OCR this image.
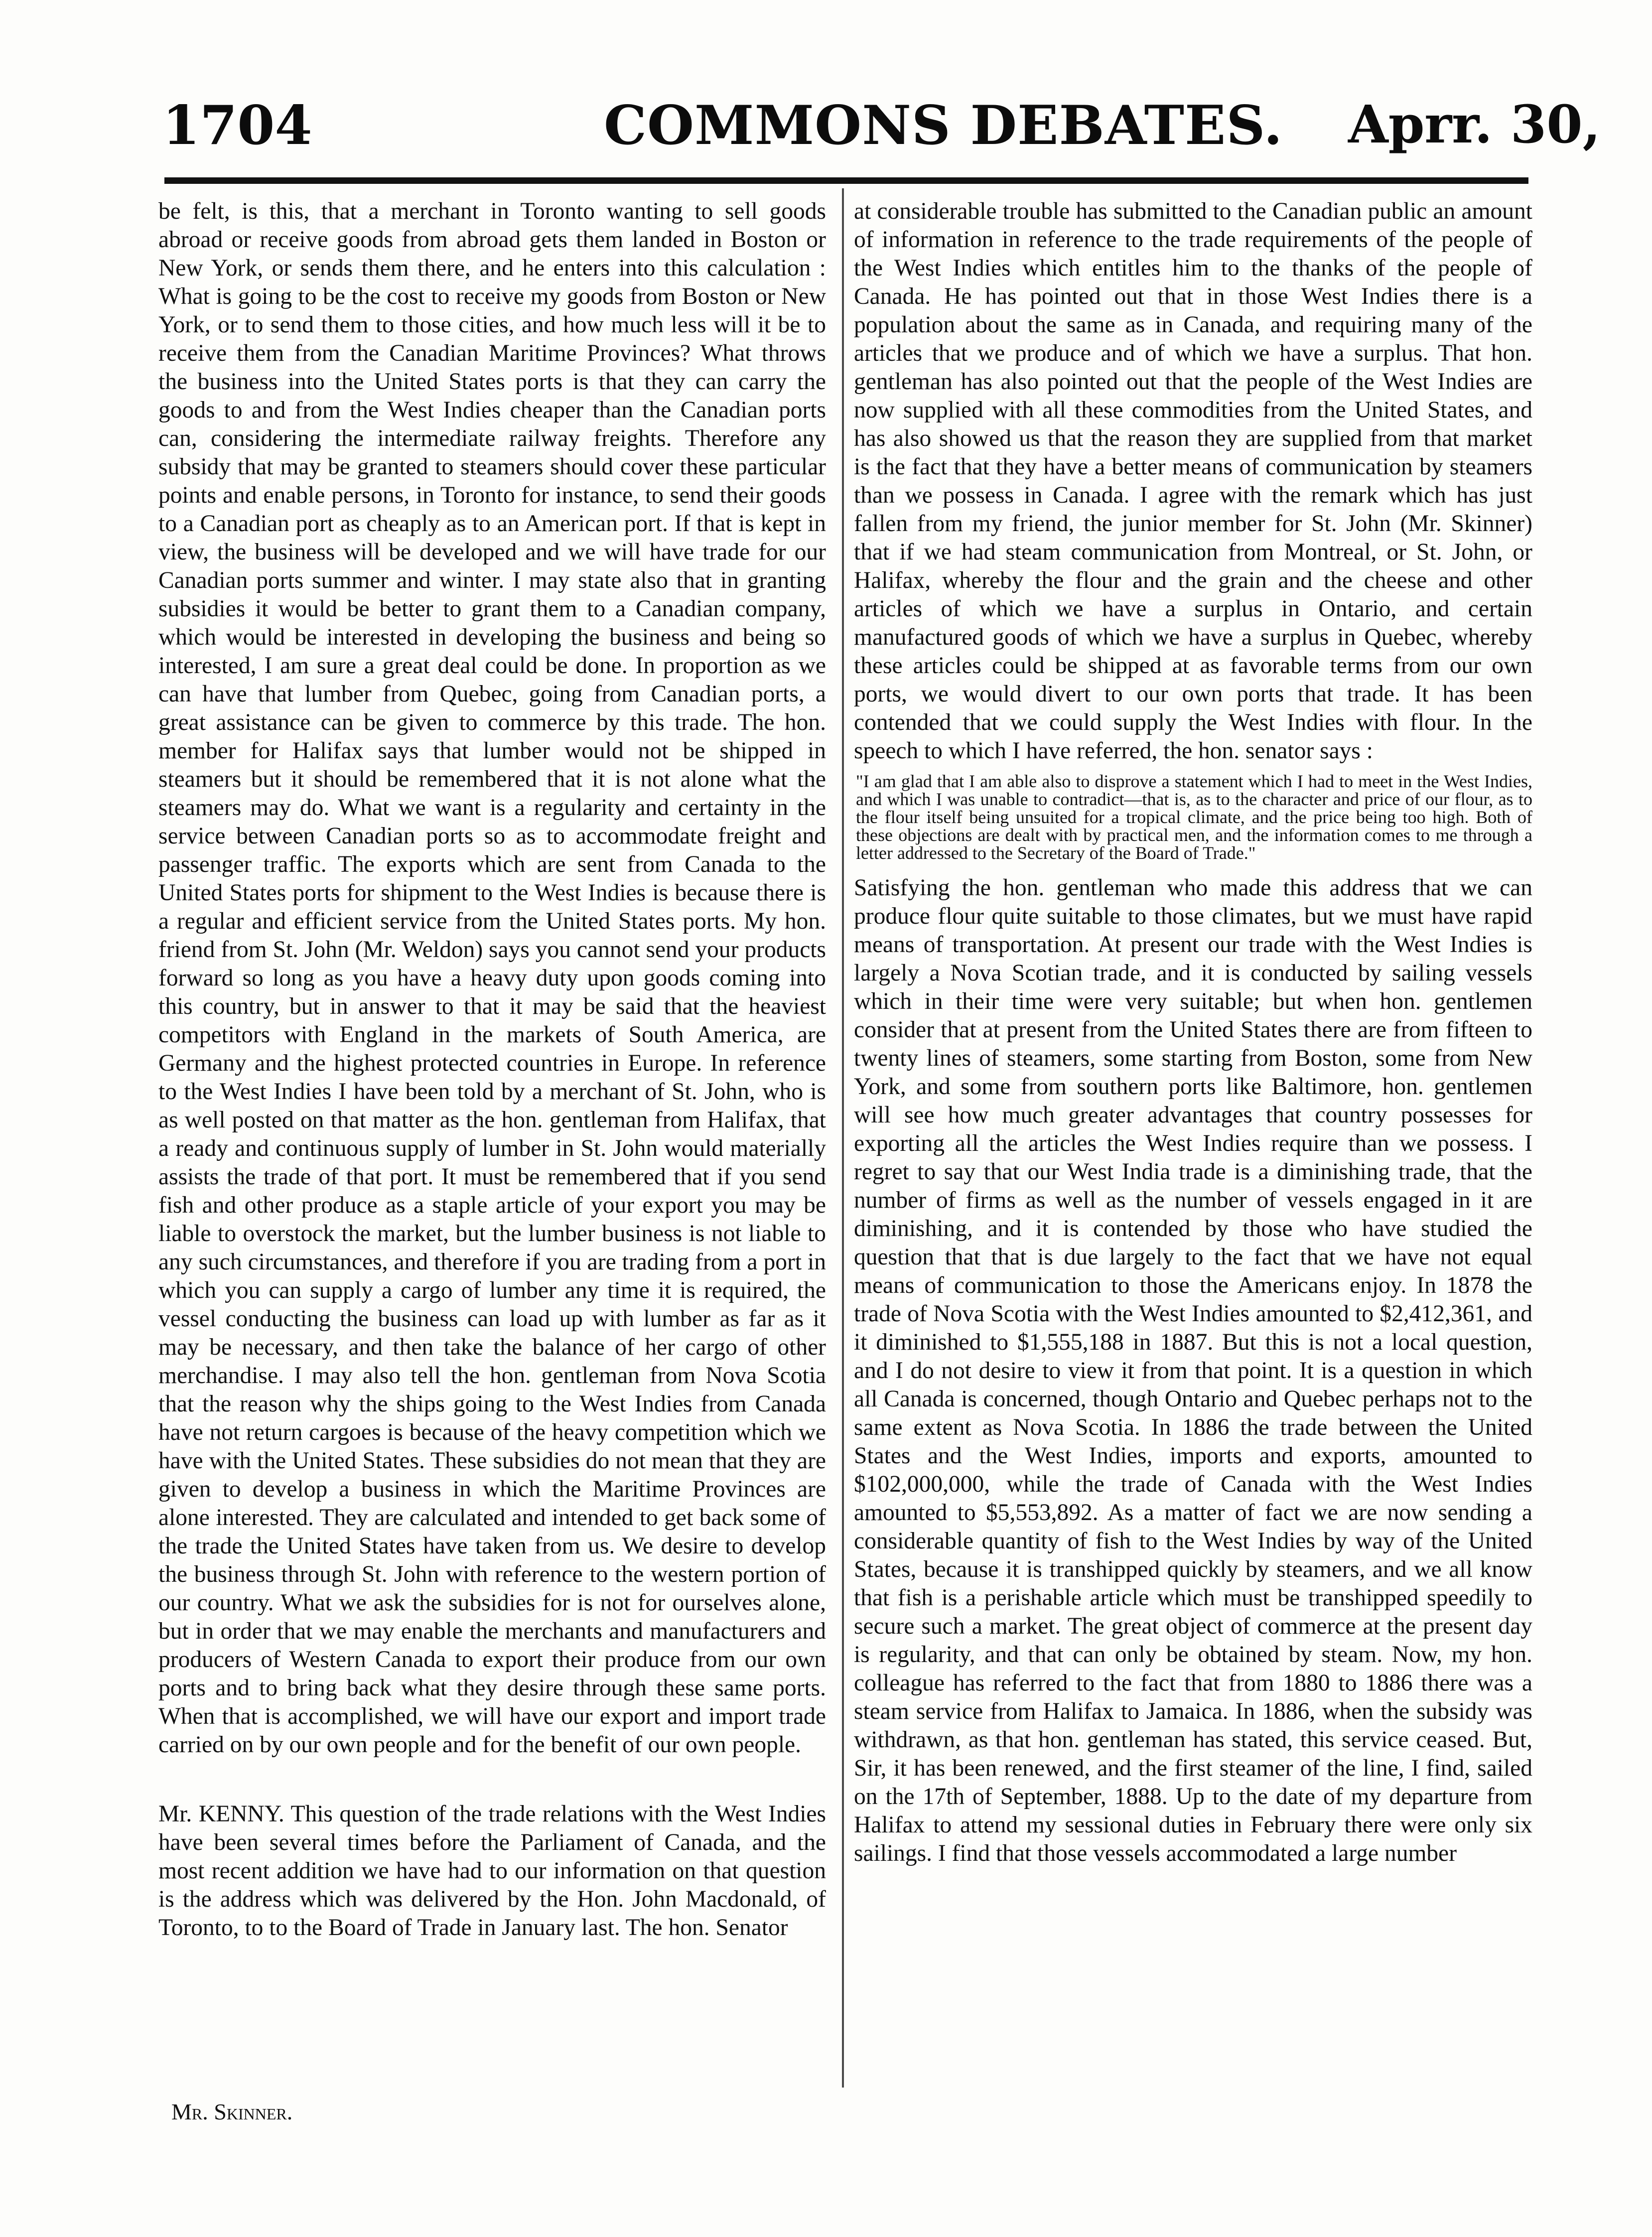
1704	COMMONS DEBATES. Aprr. 30,

be felt, is this, that a merchant in Toronto wanting to sell goods abroad or receive goods from abroad gets them landed in Boston or New York, or sends them there, and he enters into this calculation : What is going to be the cost to receive my goods from Boston or New York, or to send them to those cities, and how much less will it be to receive them from the Canadian Maritime Provinces? What throws the business into the United States ports is that they can carry the goods to and from the West Indies cheaper than the Canadian ports can, considering the intermediate railway freights. Therefore any subsidy that may be granted to steamers should cover these particular points and enable persons, in Toronto for instance, to send their goods to a Canadian port as cheaply as to an American port. If that is kept in view, the business will be developed and we will have trade for our Canadian ports summer and winter. I may state also that in granting subsidies it would be better to grant them to a Canadian company, which would be interested in developing the business and being so interested, I am sure a great deal could be done. In proportion as we can have that lumber from Quebec, going from Canadian ports, a great assistance can be given to commerce by this trade. The hon. member for Halifax says that lumber would not be shipped in steamers but it should be remembered that it is not alone what the steamers may do. What we want is a regularity and certainty in the service between Canadian ports so as to accommodate freight and passenger traffic. The exports which are sent from Canada to the United States ports for shipment to the West Indies is because there is a regular and efficient service from the United States ports. My hon. friend from St. John (Mr. Weldon) says you cannot send your products forward so long as you have a heavy duty upon goods coming into this country, but in answer to that it may be said that the heaviest competitors with England in the markets of South America, are Germany and the highest protected countries in Europe. In reference to the West Indies I have been told by a merchant of St. John, who is as well posted on that matter as the hon. gentleman from Halifax, that a ready and continuous supply of lumber in St. John would materially assists the trade of that port. It must be remembered that if you send fish and other produce as a staple article of your export you may be liable to overstock the market, but the lumber business is not liable to any such circumstances, and therefore if you are trading from a port in which you can supply a cargo of lumber any time it is required, the vessel conducting the business can load up with lumber as far as it may be necessary, and then take the balance of her cargo of other merchandise. I may also tell the hon. gentleman from Nova Scotia that the reason why the ships going to the West Indies from Canada have not return cargoes is because of the heavy competition which we have with the United States. These subsidies do not mean that they are given to develop a business in which the Maritime Provinces are alone interested. They are calculated and intended to get back some of the trade the United States have taken from us. We desire to develop the business through St. John with reference to the western portion of our country. What we ask the subsidies for is not for ourselves alone, but in order that we may enable the merchants and manufacturers and producers of Western Canada to export their produce from our own ports and to bring back what they desire through these same ports. When that is accomplished, we will have our export and import trade carried on by our own people and for the benefit of our own people.

Mr. KENNY. This question of the trade relations with the West Indies have been several times before the Parliament of Canada, and the most recent addition we have had to our information on that question is the address which was delivered by the Hon. John Macdonald, of Toronto, to to the Board of Trade in January last. The hon. Senator

at considerable trouble has submitted to the Canadian public an amount of information in reference to the trade requirements of the people of the West Indies which entitles him to the thanks of the people of Canada. He has pointed out that in those West Indies there is a population about the same as in Canada, and requiring many of the articles that we produce and of which we have a surplus. That hon. gentleman has also pointed out that the people of the West Indies are now supplied with all these commodities from the United States, and has also showed us that the reason they are supplied from that market is the fact that they have a better means of communication by steamers than we possess in Canada. I agree with the remark which has just fallen from my friend, the junior member for St. John (Mr. Skinner) that if we had steam communication from Montreal, or St. John, or Halifax, whereby the flour and the grain and the cheese and other articles of which we have a surplus in Ontario, and certain manufactured goods of which we have a surplus in Quebec, whereby these articles could be shipped at as favorable terms from our own ports, we would divert to our own ports that trade. It has been contended that we could supply the West Indies with flour. In the speech to which I have referred, the hon. senator says :

"I am glad that I am able also to disprove a statement which I had to meet in the West Indies, and which I was unable to contradict—that is, as to the character and price of our flour, as to the flour itself being unsuited for a tropical climate, and the price being too high. Both of these objections are dealt with by practical men, and the information comes to me through a letter addressed to the Secretary of the Board of Trade."

Satisfying the hon. gentleman who made this address that we can produce flour quite suitable to those climates, but we must have rapid means of transportation. At present our trade with the West Indies is largely a Nova Scotian trade, and it is conducted by sailing vessels which in their time were very suitable; but when hon. gentlemen consider that at present from the United States there are from fifteen to twenty lines of steamers, some starting from Boston, some from New York, and some from southern ports like Baltimore, hon. gentlemen will see how much greater advantages that country possesses for exporting all the articles the West Indies require than we possess. I regret to say that our West India trade is a diminishing trade, that the number of firms as well as the number of vessels engaged in it are diminishing, and it is contended by those who have studied the question that that is due largely to the fact that we have not equal means of communication to those the Americans enjoy. In 1878 the trade of Nova Scotia with the West Indies amounted to $2,412,361, and it diminished to $1,555,188 in 1887. But this is not a local question, and I do not desire to view it from that point. It is a question in which all Canada is concerned, though Ontario and Quebec perhaps not to the same extent as Nova Scotia. In 1886 the trade between the United States and the West Indies, imports and exports, amounted to $102,000,000, while the trade of Canada with the West Indies amounted to $5,553,892. As a matter of fact we are now sending a considerable quantity of fish to the West Indies by way of the United States, because it is transhipped quickly by steamers, and we all know that fish is a perishable article which must be transhipped speedily to secure such a market. The great object of commerce at the present day is regularity, and that can only be obtained by steam. Now, my hon. colleague has referred to the fact that from 1880 to 1886 there was a steam service from Halifax to Jamaica. In 1886, when the subsidy was withdrawn, as that hon. gentleman has stated, this service ceased. But, Sir, it has been renewed, and the first steamer of the line, I find, sailed on the 17th of September, 1888. Up to the date of my departure from Halifax to attend my sessional duties in February there were only six sailings. I find that those vessels accommodated a large number

Mr. Skinner.
